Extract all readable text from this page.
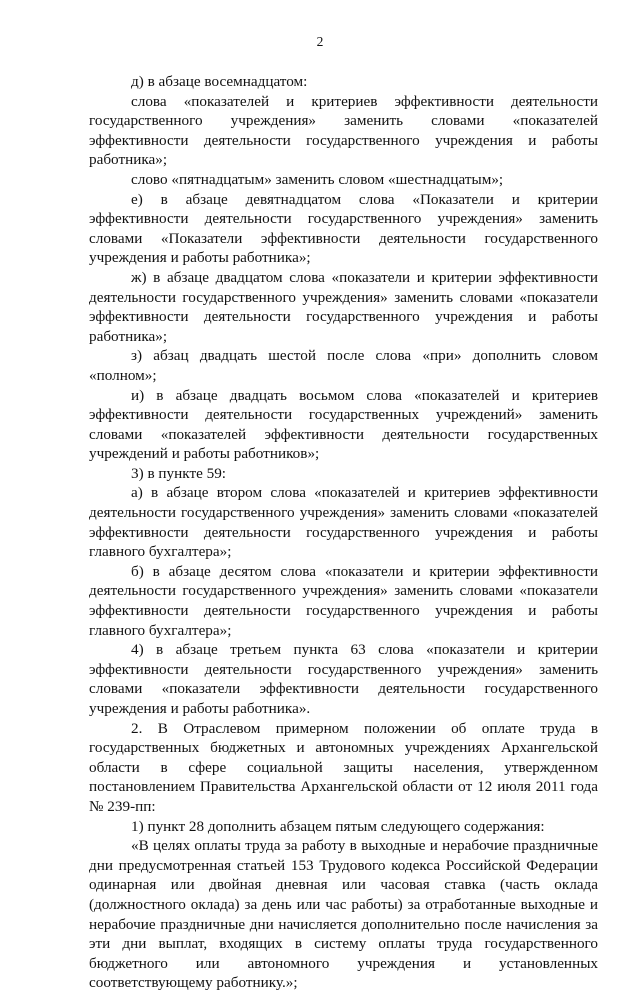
2

д) в абзаце восемнадцатом:

слова «показателей и критериев эффективности деятельности государственного учреждения» заменить словами «показателей эффективности деятельности государственного учреждения и работы работника»;

слово «пятнадцатым» заменить словом «шестнадцатым»;

е) в абзаце девятнадцатом слова «Показатели и критерии эффективности деятельности государственного учреждения» заменить словами «Показатели эффективности деятельности государственного учреждения и работы работника»;

ж) в абзаце двадцатом слова «показатели и критерии эффективности деятельности государственного учреждения» заменить словами «показатели эффективности деятельности государственного учреждения и работы работника»;

з) абзац двадцать шестой после слова «при» дополнить словом «полном»;

и) в абзаце двадцать восьмом слова «показателей и критериев эффективности деятельности государственных учреждений» заменить словами «показателей эффективности деятельности государственных учреждений и работы работников»;

3) в пункте 59:

а) в абзаце втором слова «показателей и критериев эффективности деятельности государственного учреждения» заменить словами «показателей эффективности деятельности государственного учреждения и работы главного бухгалтера»;

б) в абзаце десятом слова «показатели и критерии эффективности деятельности государственного учреждения» заменить словами «показатели эффективности деятельности государственного учреждения и работы главного бухгалтера»;

4) в абзаце третьем пункта 63 слова «показатели и критерии эффективности деятельности государственного учреждения» заменить словами «показатели эффективности деятельности государственного учреждения и работы работника».

2. В Отраслевом примерном положении об оплате труда в государственных бюджетных и автономных учреждениях Архангельской области в сфере социальной защиты населения, утвержденном постановлением Правительства Архангельской области от 12 июля 2011 года № 239-пп:

1) пункт 28 дополнить абзацем пятым следующего содержания:

«В целях оплаты труда за работу в выходные и нерабочие праздничные дни предусмотренная статьей 153 Трудового кодекса Российской Федерации одинарная или двойная дневная или часовая ставка (часть оклада (должностного оклада) за день или час работы) за отработанные выходные и нерабочие праздничные дни начисляется дополнительно после начисления за эти дни выплат, входящих в систему оплаты труда государственного бюджетного или автономного учреждения и установленных соответствующему работнику.»;
